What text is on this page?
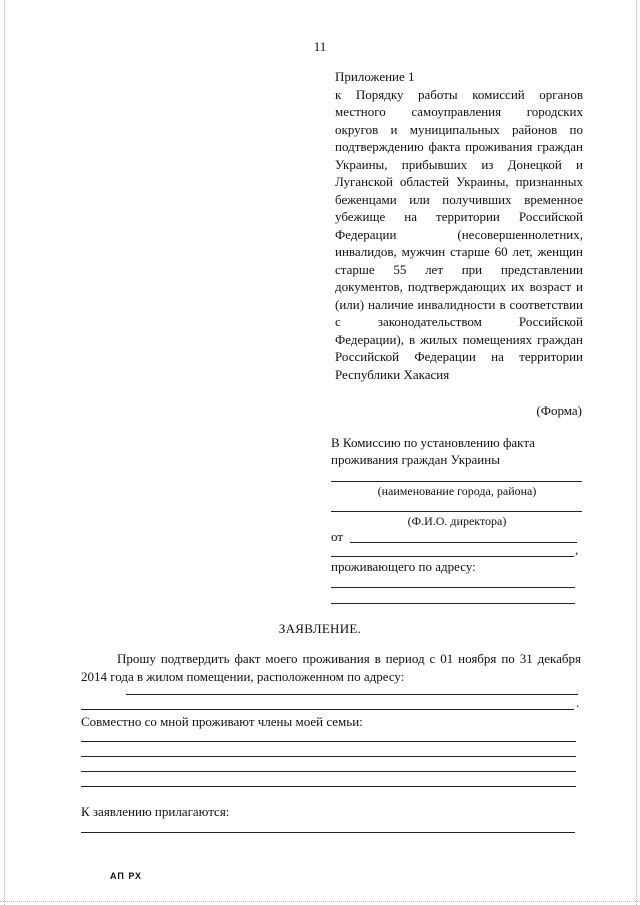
11

Приложение 1

к Порядку работы комиссий органов местного самоуправления городских округов и муниципальных районов по подтверждению факта проживания граждан Украины, прибывших из Донецкой и Луганской областей Украины, признанных беженцами или получивших временное убежище на территории Российской Федерации (несовершеннолетних, инвалидов, мужчин старше 60 лет, женщин старше 55 лет при представлении документов, подтверждающих их возраст и (или) наличие инвалидности в соответствии с законодательством Российской Федерации), в жилых помещениях граждан Российской Федерации на территории Республики Хакасия

(Форма)
В Комиссию по установлению факта
проживания граждан Украины
(наименование города, района)
(Ф.И.О. директора)
от
,
проживающего по адресу:
ЗАЯВЛЕНИЕ.

Прошу подтвердить факт моего проживания в период с 01 ноября по 31 декабря 2014 года в жилом помещении, расположенном по адресу:

.
Совместно со мной проживают члены моей семьи:
К заявлению прилагаются:
АП РХ
